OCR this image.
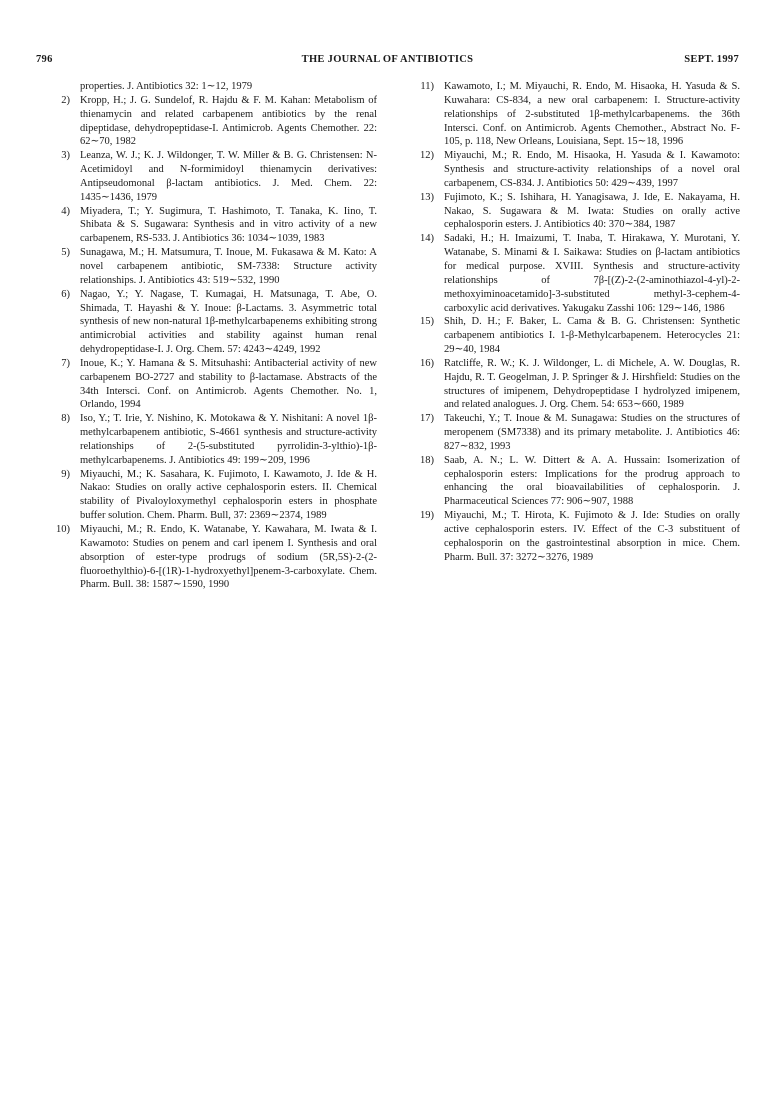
796	THE JOURNAL OF ANTIBIOTICS	SEPT. 1997

properties. J. Antibiotics 32: 1∼12, 1979

2) Kropp, H.; J. G. Sundelof, R. Hajdu & F. M. Kahan: Metabolism of thienamycin and related carbapenem antibiotics by the renal dipeptidase, dehydropeptidase-I. Antimicrob. Agents Chemother. 22: 62∼70, 1982

3) Leanza, W. J.; K. J. Wildonger, T. W. Miller & B. G. Christensen: N-Acetimidoyl and N-formimidoyl thienamycin derivatives: Antipseudomonal β-lactam antibiotics. J. Med. Chem. 22: 1435∼1436, 1979

4) Miyadera, T.; Y. Sugimura, T. Hashimoto, T. Tanaka, K. Iino, T. Shibata & S. Sugawara: Synthesis and in vitro activity of a new carbapenem, RS-533. J. Antibiotics 36: 1034∼1039, 1983

5) Sunagawa, M.; H. Matsumura, T. Inoue, M. Fukasawa & M. Kato: A novel carbapenem antibiotic, SM-7338: Structure activity relationships. J. Antibiotics 43: 519∼532, 1990

6) Nagao, Y.; Y. Nagase, T. Kumagai, H. Matsunaga, T. Abe, O. Shimada, T. Hayashi & Y. Inoue: β-Lactams. 3. Asymmetric total synthesis of new non-natural 1β-methylcarbapenems exhibiting strong antimicrobial activities and stability against human renal dehydropeptidase-I. J. Org. Chem. 57: 4243∼4249, 1992

7) Inoue, K.; Y. Hamana & S. Mitsuhashi: Antibacterial activity of new carbapenem BO-2727 and stability to β-lactamase. Abstracts of the 34th Intersci. Conf. on Antimicrob. Agents Chemother. No. 1, Orlando, 1994

8) Iso, Y.; T. Irie, Y. Nishino, K. Motokawa & Y. Nishitani: A novel 1β-methylcarbapenem antibiotic, S-4661 synthesis and structure-activity relationships of 2-(5-substituted pyrrolidin-3-ylthio)-1β-methylcarbapenems. J. Antibiotics 49: 199∼209, 1996

9) Miyauchi, M.; K. Sasahara, K. Fujimoto, I. Kawamoto, J. Ide & H. Nakao: Studies on orally active cephalosporin esters. II. Chemical stability of Pivaloyloxymethyl cephalosporin esters in phosphate buffer solution. Chem. Pharm. Bull, 37: 2369∼2374, 1989

10) Miyauchi, M.; R. Endo, K. Watanabe, Y. Kawahara, M. Iwata & I. Kawamoto: Studies on penem and carl ipenem I. Synthesis and oral absorption of ester-type prodrugs of sodium (5R,5S)-2-(2-fluoroethylthio)-6-[(1R)-1-hydroxyethyl]penem-3-carboxylate. Chem. Pharm. Bull. 38: 1587∼1590, 1990

11) Kawamoto, I.; M. Miyauchi, R. Endo, M. Hisaoka, H. Yasuda & S. Kuwahara: CS-834, a new oral carbapenem: I. Structure-activity relationships of 2-substituted 1β-methylcarbapenems. the 36th Intersci. Conf. on Antimicrob. Agents Chemother., Abstract No. F-105, p. 118, New Orleans, Louisiana, Sept. 15∼18, 1996

12) Miyauchi, M.; R. Endo, M. Hisaoka, H. Yasuda & I. Kawamoto: Synthesis and structure-activity relationships of a novel oral carbapenem, CS-834. J. Antibiotics 50: 429∼439, 1997

13) Fujimoto, K.; S. Ishihara, H. Yanagisawa, J. Ide, E. Nakayama, H. Nakao, S. Sugawara & M. Iwata: Studies on orally active cephalosporin esters. J. Antibiotics 40: 370∼384, 1987

14) Sadaki, H.; H. Imaizumi, T. Inaba, T. Hirakawa, Y. Murotani, Y. Watanabe, S. Minami & I. Saikawa: Studies on β-lactam antibiotics for medical purpose. XVIII. Synthesis and structure-activity relationships of 7β-[(Z)-2-(2-aminothiazol-4-yl)-2-methoxyiminoacetamido]-3-substituted methyl-3-cephem-4-carboxylic acid derivatives. Yakugaku Zasshi 106: 129∼146, 1986

15) Shih, D. H.; F. Baker, L. Cama & B. G. Christensen: Synthetic carbapenem antibiotics I. 1-β-Methylcarbapenem. Heterocycles 21: 29∼40, 1984

16) Ratcliffe, R. W.; K. J. Wildonger, L. di Michele, A. W. Douglas, R. Hajdu, R. T. Geogelman, J. P. Springer & J. Hirshfield: Studies on the structures of imipenem, Dehydropeptidase I hydrolyzed imipenem, and related analogues. J. Org. Chem. 54: 653∼660, 1989

17) Takeuchi, Y.; T. Inoue & M. Sunagawa: Studies on the structures of meropenem (SM7338) and its primary metabolite. J. Antibiotics 46: 827∼832, 1993

18) Saab, A. N.; L. W. Dittert & A. A. Hussain: Isomerization of cephalosporin esters: Implications for the prodrug approach to enhancing the oral bioavailabilities of cephalosporin. J. Pharmaceutical Sciences 77: 906∼907, 1988

19) Miyauchi, M.; T. Hirota, K. Fujimoto & J. Ide: Studies on orally active cephalosporin esters. IV. Effect of the C-3 substituent of cephalosporin on the gastrointestinal absorption in mice. Chem. Pharm. Bull. 37: 3272∼3276, 1989
